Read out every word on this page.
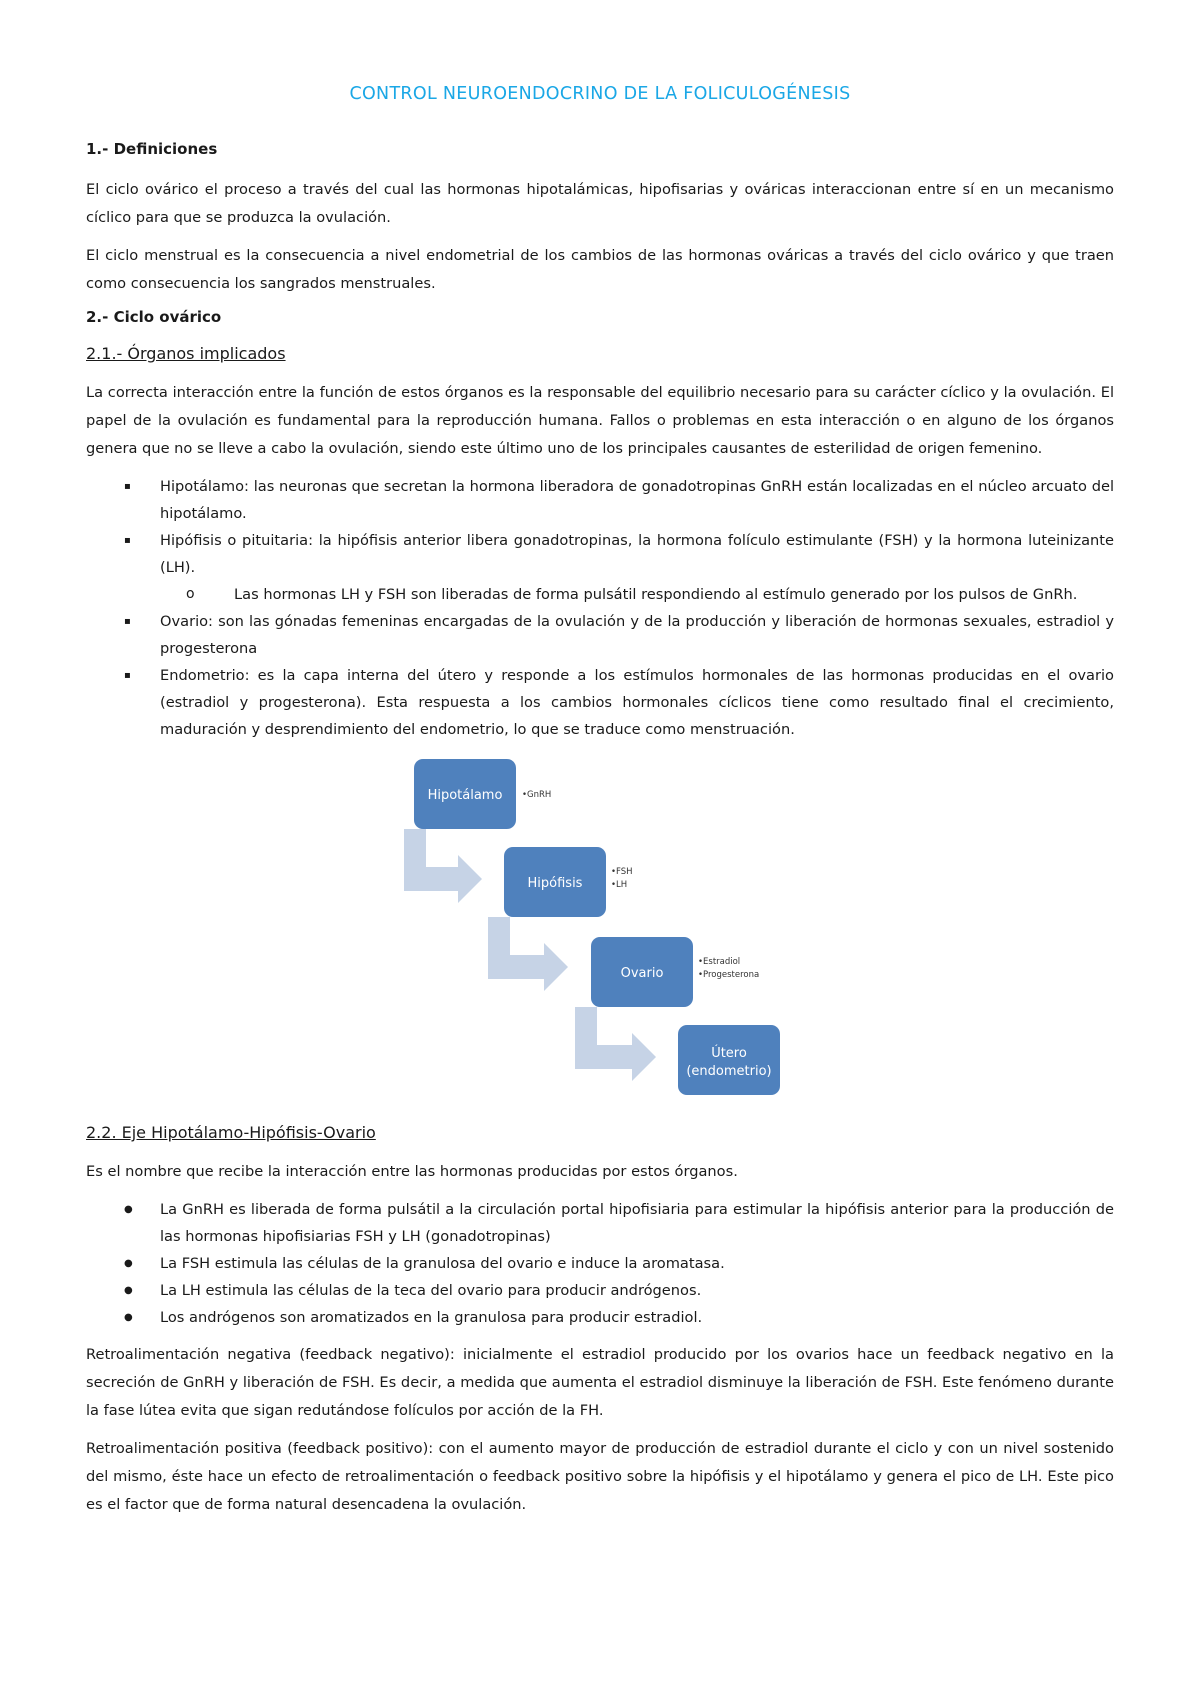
CONTROL NEUROENDOCRINO DE LA FOLICULOGÉNESIS
1.- Definiciones

El ciclo ovárico el proceso a través del cual las hormonas hipotalámicas, hipofisarias y ováricas interaccionan entre sí en un mecanismo cíclico para que se produzca la ovulación.

El ciclo menstrual es la consecuencia a nivel endometrial de los cambios de las hormonas ováricas a través del ciclo ovárico y que traen como consecuencia los sangrados menstruales.

2.- Ciclo ovárico
2.1.- Órganos implicados

La correcta interacción entre la función de estos órganos es la responsable del equilibrio necesario para su carácter cíclico y la ovulación. El papel de la ovulación es fundamental para la reproducción humana. Fallos o problemas en esta interacción o en alguno de los órganos genera que no se lleve a cabo la ovulación, siendo este último uno de los principales causantes de esterilidad de origen femenino.

▪ Hipotálamo: las neuronas que secretan la hormona liberadora de gonadotropinas GnRH están localizadas en el núcleo arcuato del hipotálamo.
▪ Hipófisis o pituitaria: la hipófisis anterior libera gonadotropinas, la hormona folículo estimulante (FSH) y la hormona luteinizante (LH).
o Las hormonas LH y FSH son liberadas de forma pulsátil respondiendo al estímulo generado por los pulsos de GnRh.
▪ Ovario: son las gónadas femeninas encargadas de la ovulación y de la producción y liberación de hormonas sexuales, estradiol y progesterona
▪ Endometrio: es la capa interna del útero y responde a los estímulos hormonales de las hormonas producidas en el ovario (estradiol y progesterona). Esta respuesta a los cambios hormonales cíclicos tiene como resultado final el crecimiento, maduración y desprendimiento del endometrio, lo que se traduce como menstruación.
Hipotálamo
Hipófisis
Ovario
Útero
(endometrio)
•GnRH
•FSH
•LH
•Estradiol
•Progesterona
2.2. Eje Hipotálamo-Hipófisis-Ovario

Es el nombre que recibe la interacción entre las hormonas producidas por estos órganos.

● La GnRH es liberada de forma pulsátil a la circulación portal hipofisiaria para estimular la hipófisis anterior para la producción de las hormonas hipofisiarias FSH y LH (gonadotropinas)
● La FSH estimula las células de la granulosa del ovario e induce la aromatasa.
● La LH estimula las células de la teca del ovario para producir andrógenos.
● Los andrógenos son aromatizados en la granulosa para producir estradiol.

Retroalimentación negativa (feedback negativo): inicialmente el estradiol producido por los ovarios hace un feedback negativo en la secreción de GnRH y liberación de FSH. Es decir, a medida que aumenta el estradiol disminuye la liberación de FSH. Este fenómeno durante la fase lútea evita que sigan redutándose folículos por acción de la FH.

Retroalimentación positiva (feedback positivo): con el aumento mayor de producción de estradiol durante el ciclo y con un nivel sostenido del mismo, éste hace un efecto de retroalimentación o feedback positivo sobre la hipófisis y el hipotálamo y genera el pico de LH. Este pico es el factor que de forma natural desencadena la ovulación.
